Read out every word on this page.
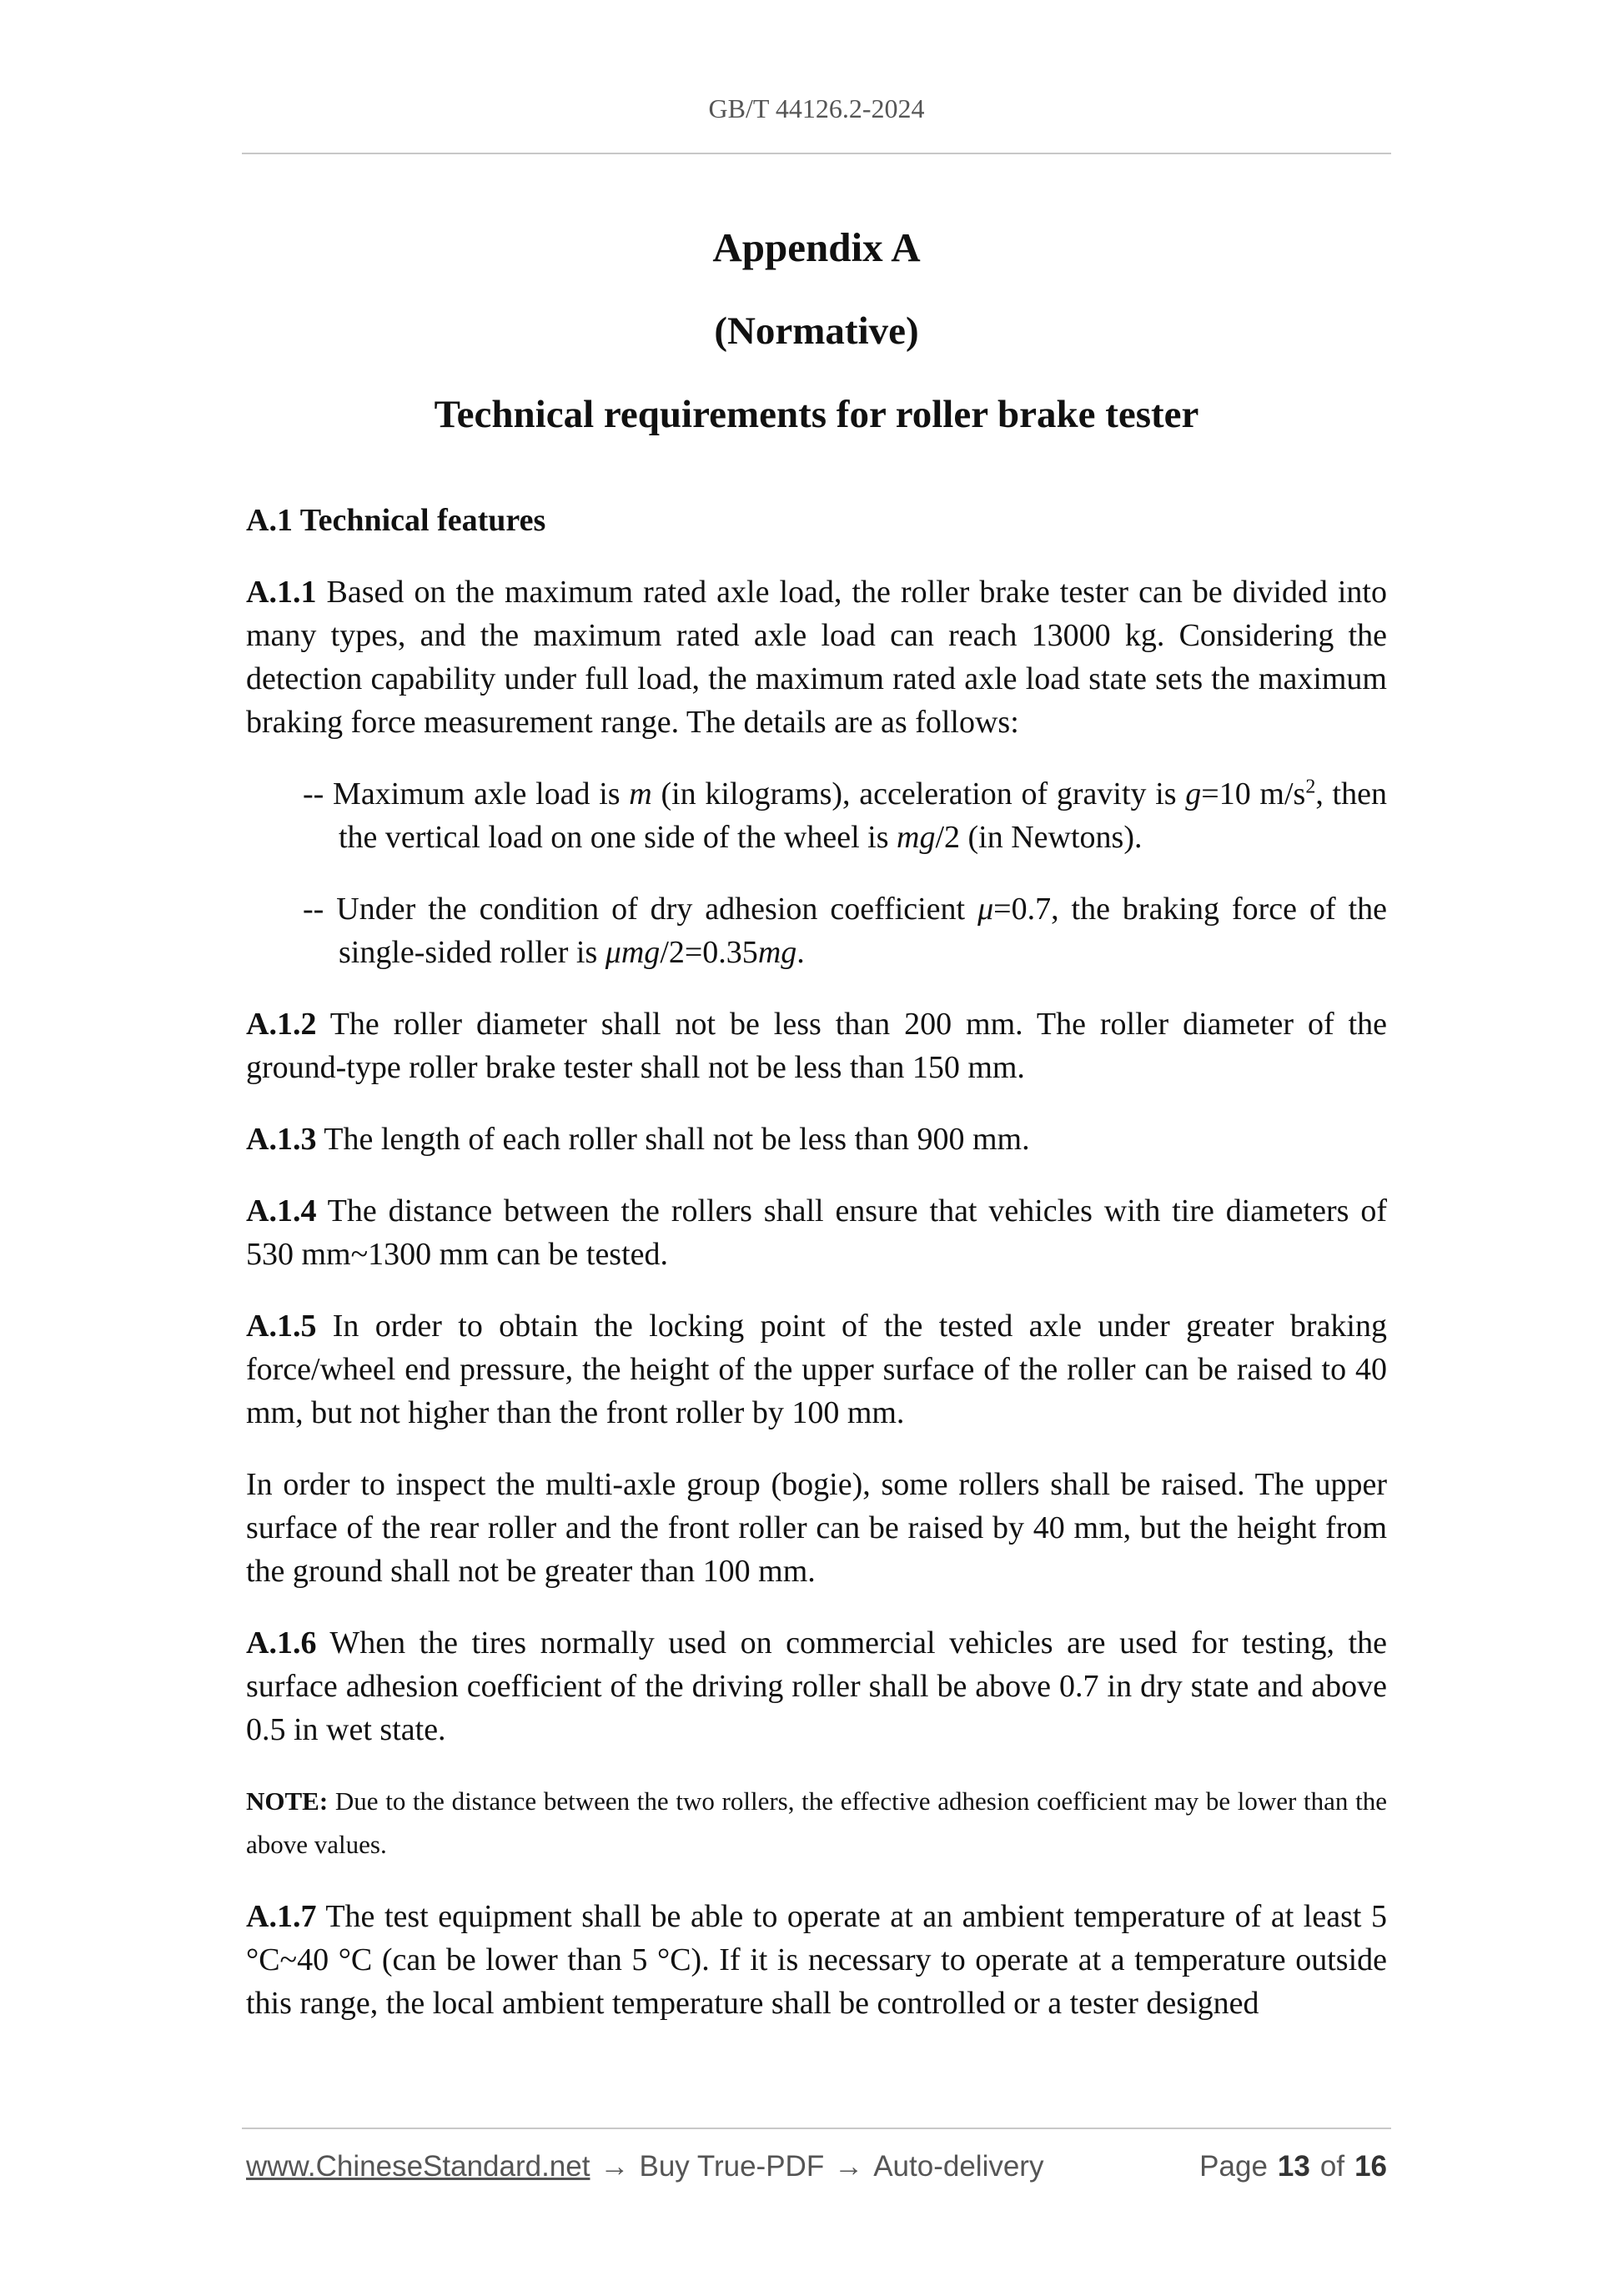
GB/T 44126.2-2024
Appendix A
(Normative)
Technical requirements for roller brake tester
A.1 Technical features

A.1.1 Based on the maximum rated axle load, the roller brake tester can be divided into many types, and the maximum rated axle load can reach 13000 kg. Considering the detection capability under full load, the maximum rated axle load state sets the maximum braking force measurement range. The details are as follows:

-- Maximum axle load is m (in kilograms), acceleration of gravity is g=10 $m/s^2$, then the vertical load on one side of the wheel is mg/2 (in Newtons).
-- Under the condition of dry adhesion coefficient μ=0.7, the braking force of the single-sided roller is μmg/2=0.35mg.

A.1.2 The roller diameter shall not be less than 200 mm. The roller diameter of the ground-type roller brake tester shall not be less than 150 mm.

A.1.3 The length of each roller shall not be less than 900 mm.

A.1.4 The distance between the rollers shall ensure that vehicles with tire diameters of 530 mm~1300 mm can be tested.

A.1.5 In order to obtain the locking point of the tested axle under greater braking force/wheel end pressure, the height of the upper surface of the roller can be raised to 40 mm, but not higher than the front roller by 100 mm.

In order to inspect the multi-axle group (bogie), some rollers shall be raised. The upper surface of the rear roller and the front roller can be raised by 40 mm, but the height from the ground shall not be greater than 100 mm.

A.1.6 When the tires normally used on commercial vehicles are used for testing, the surface adhesion coefficient of the driving roller shall be above 0.7 in dry state and above 0.5 in wet state.

NOTE: Due to the distance between the two rollers, the effective adhesion coefficient may be lower than the above values.

A.1.7 The test equipment shall be able to operate at an ambient temperature of at least 5 °C~40 °C (can be lower than 5 °C). If it is necessary to operate at a temperature outside this range, the local ambient temperature shall be controlled or a tester designed

www.ChineseStandard.net → Buy True-PDF → Auto-delivery	Page 13 of 16
